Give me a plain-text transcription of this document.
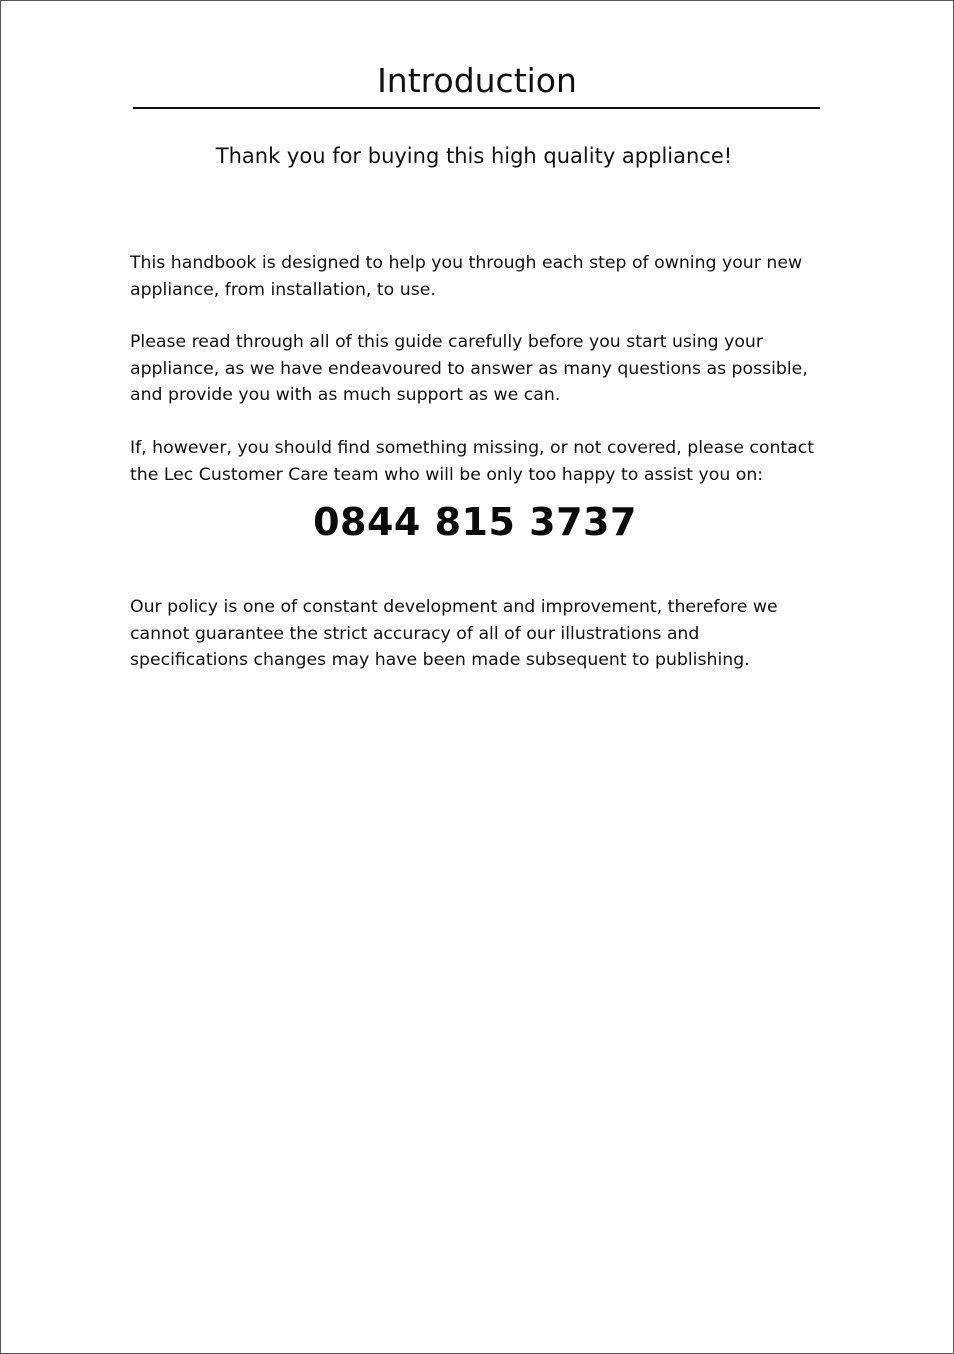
Introduction
Thank you for buying this high quality appliance!

This handbook is designed to help you through each step of owning your new appliance, from installation, to use.

Please read through all of this guide carefully before you start using your appliance, as we have endeavoured to answer as many questions as possible, and provide you with as much support as we can.

If, however, you should find something missing, or not covered, please contact the Lec Customer Care team who will be only too happy to assist you on:

0844 815 3737

Our policy is one of constant development and improvement, therefore we cannot guarantee the strict accuracy of all of our illustrations and specifications changes may have been made subsequent to publishing.
